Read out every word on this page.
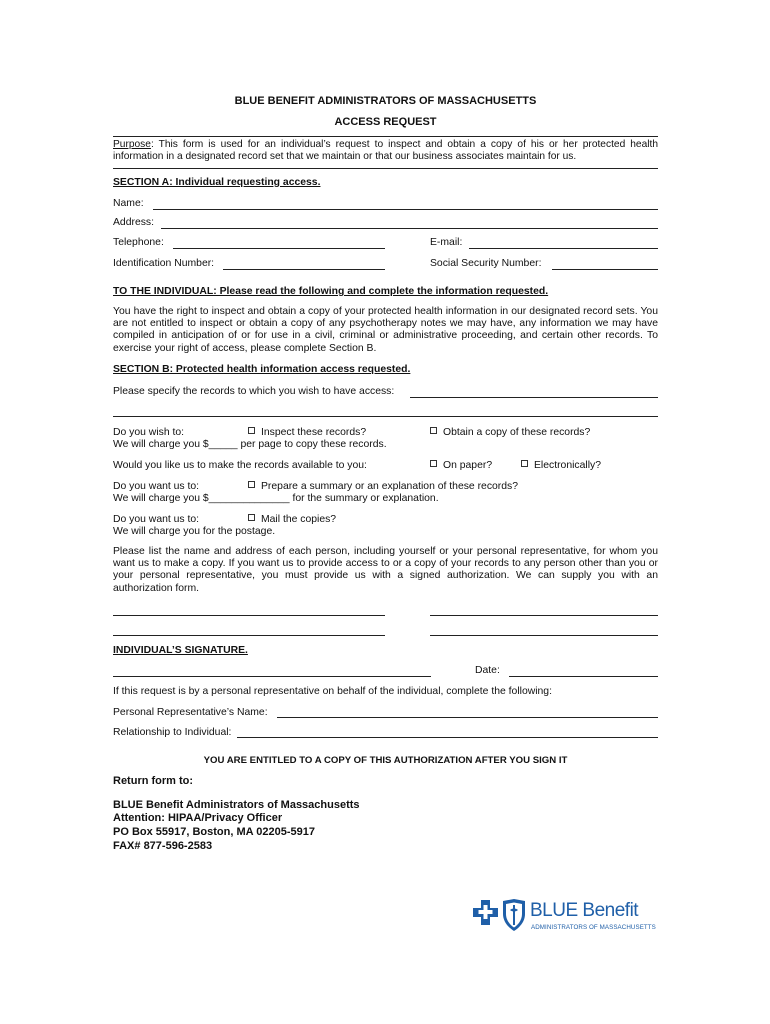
BLUE BENEFIT ADMINISTRATORS OF MASSACHUSETTS
ACCESS REQUEST
Purpose: This form is used for an individual’s request to inspect and obtain a copy of his or her protected health information in a designated record set that we maintain or that our business associates maintain for us.
SECTION A: Individual requesting access.
Name:
Address:
Telephone:	E-mail:
Identification Number:	Social Security Number:
TO THE INDIVIDUAL: Please read the following and complete the information requested.
You have the right to inspect and obtain a copy of your protected health information in our designated record sets. You are not entitled to inspect or obtain a copy of any psychotherapy notes we may have, any information we may have compiled in anticipation of or for use in a civil, criminal or administrative proceeding, and certain other records. To exercise your right of access, please complete Section B.
SECTION B: Protected health information access requested.
Please specify the records to which you wish to have access:
Do you wish to:	Inspect these records?	Obtain a copy of these records?
We will charge you $_____ per page to copy these records.
Would you like us to make the records available to you:	On paper?	Electronically?
Do you want us to:	Prepare a summary or an explanation of these records?
We will charge you $______________ for the summary or explanation.
Do you want us to:	Mail the copies?
We will charge you for the postage.
Please list the name and address of each person, including yourself or your personal representative, for whom you want us to make a copy. If you want us to provide access to or a copy of your records to any person other than you or your personal representative, you must provide us with a signed authorization. We can supply you with an authorization form.
INDIVIDUAL’S SIGNATURE.
Date:
If this request is by a personal representative on behalf of the individual, complete the following:
Personal Representative’s Name:
Relationship to Individual:
YOU ARE ENTITLED TO A COPY OF THIS AUTHORIZATION AFTER YOU SIGN IT
Return form to:
BLUE Benefit Administrators of Massachusetts
Attention: HIPAA/Privacy Officer
PO Box 55917, Boston, MA 02205-5917
FAX# 877-596-2583
BLUE Benefit
ADMINISTRATORS OF MASSACHUSETTS
